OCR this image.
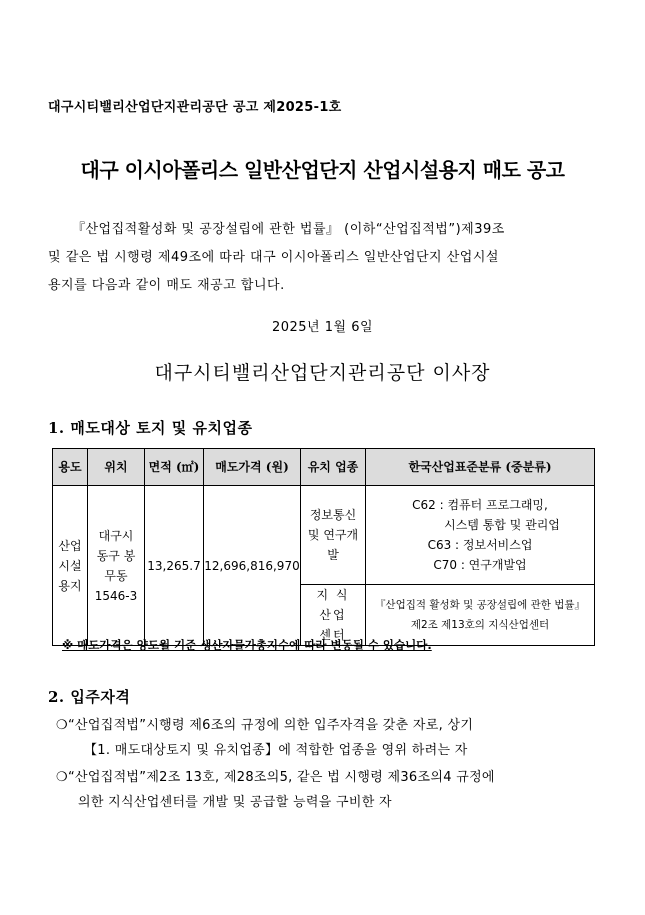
대구시티밸리산업단지관리공단 공고 제2025-1호
대구 이시아폴리스 일반산업단지 산업시설용지 매도 공고
『산업집적활성화 및 공장설립에 관한 법률』 (이하“산업집적법”)제39조
및 같은 법 시행령 제49조에 따라 대구 이시아폴리스 일반산업단지 산업시설
용지를 다음과 같이 매도 재공고 합니다.
2025년 1월 6일
대구시티밸리산업단지관리공단 이사장
1. 매도대상 토지 및 유치업종
용도	위치	면적 (㎡)	매도가격 (원)	유치 업종	한국산업표준분류 (중분류)
산업 시설 용지	대구시 동구 봉무동 1546-3	13,265.7	12,696,816,970	정보통신 및 연구개발	C62 : 컴퓨터 프로그래밍,
시스템 통합 및 관리업
C63 : 정보서비스업
C70 : 연구개발업

				지 식 산업센터	『산업집적 활성화 및 공장설립에 관한 법률』
제2조 제13호의 지식산업센터
※ 매도가격은 양도월 기준 생산자물가총지수에 따라 변동될 수 있습니다.
2. 입주자격
❍“산업집적법”시행령 제6조의 규정에 의한 입주자격을 갖춘 자로, 상기
【1. 매도대상토지 및 유치업종】에 적합한 업종을 영위 하려는 자
❍“산업집적법”제2조 13호, 제28조의5, 같은 법 시행령 제36조의4 규정에
의한 지식산업센터를 개발 및 공급할 능력을 구비한 자
